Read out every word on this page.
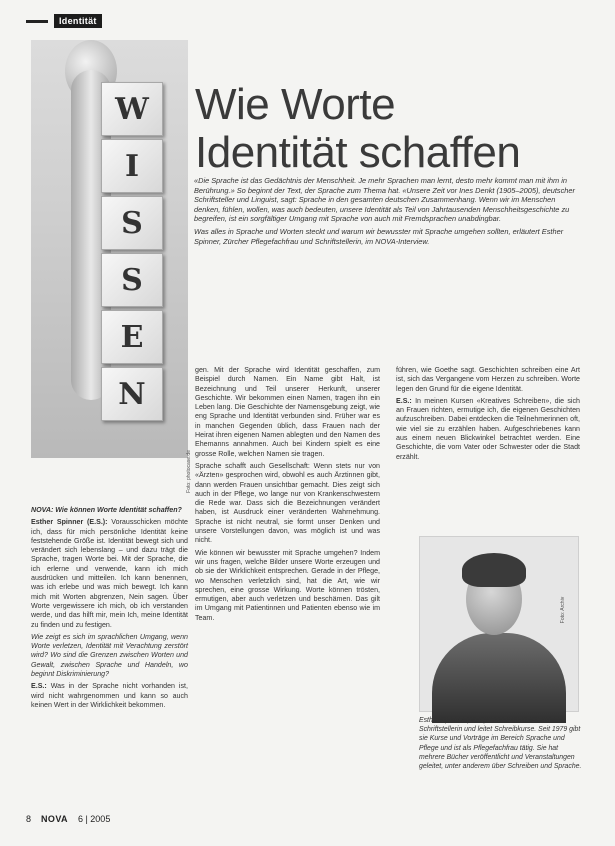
Identität
W
I
S
S
E
N
Foto: photocase.de
Wie Worte
Identität schaffen

«Die Sprache ist das Gedächtnis der Menschheit. Je mehr Sprachen man lernt, desto mehr kommt man mit ihm in Berührung.» So beginnt der Text, der Sprache zum Thema hat. «Unsere Zeit vor Ines Denkt (1905–2005), deutscher Schriftsteller und Linguist, sagt: Sprache in den gesamten deutschen Zusammenhang. Wenn wir im Menschen denken, fühlen, wollen, was auch bedeuten, unsere Identität als Teil von Jahrtausenden Menschheitsgeschichte zu begreifen, ist ein sorgfältiger Umgang mit Sprache von auch mit Fremdsprachen unabdingbar.

Was alles in Sprache und Worten steckt und warum wir bewusster mit Sprache umgehen sollten, erläutert Esther Spinner, Zürcher Pflegefachfrau und Schriftstellerin, im NOVA-Interview.

NOVA: Wie können Worte Identität schaffen?

Esther Spinner (E.S.): Vorausschicken möchte ich, dass für mich persönliche Identität keine feststehende Größe ist. Identität bewegt sich und verändert sich lebenslang – und dazu trägt die Sprache, tragen Worte bei. Mit der Sprache, die ich erlerne und verwende, kann ich mich ausdrücken und mitteilen. Ich kann benennen, was ich erlebe und was mich bewegt. Ich kann mich mit Worten abgrenzen, Nein sagen. Über Worte vergewissere ich mich, ob ich verstanden werde, und das hilft mir, mein Ich, meine Identität zu finden und zu festigen.

Wie zeigt es sich im sprachlichen Umgang, wenn Worte verletzen, Identität mit Verachtung zerstört wird? Wo sind die Grenzen zwischen Worten und Gewalt, zwischen Sprache und Handeln, wo beginnt Diskriminierung?

E.S.: Was in der Sprache nicht vorhanden ist, wird nicht wahrgenommen und kann so auch keinen Wert in der Wirklichkeit bekommen.

gen. Mit der Sprache wird Identität geschaffen, zum Beispiel durch Namen. Ein Name gibt Halt, ist Bezeichnung und Teil unserer Herkunft, unserer Geschichte. Wir bekommen einen Namen, tragen ihn ein Leben lang. Die Geschichte der Namensgebung zeigt, wie eng Sprache und Identität verbunden sind. Früher war es in manchen Gegenden üblich, dass Frauen nach der Heirat ihren eigenen Namen ablegten und den Namen des Ehemanns annahmen. Auch bei Kindern spielt es eine grosse Rolle, welchen Namen sie tragen.

Sprache schafft auch Gesellschaft: Wenn stets nur von «Ärzten» gesprochen wird, obwohl es auch Ärztinnen gibt, dann werden Frauen unsichtbar gemacht. Dies zeigt sich auch in der Pflege, wo lange nur von Krankenschwestern die Rede war. Dass sich die Bezeichnungen verändert haben, ist Ausdruck einer veränderten Wahrnehmung. Sprache ist nicht neutral, sie formt unser Denken und unsere Vorstellungen davon, was möglich ist und was nicht.

Wie können wir bewusster mit Sprache umgehen? Indem wir uns fragen, welche Bilder unsere Worte erzeugen und ob sie der Wirklichkeit entsprechen. Gerade in der Pflege, wo Menschen verletzlich sind, hat die Art, wie wir sprechen, eine grosse Wirkung. Worte können trösten, ermutigen, aber auch verletzen und beschämen. Das gilt im Umgang mit Patientinnen und Patienten ebenso wie im Team.

führen, wie Goethe sagt. Geschichten schreiben eine Art ist, sich das Vergangene vom Herzen zu schreiben. Worte legen den Grund für die eigene Identität.

E.S.: In meinen Kursen «Kreatives Schreiben», die sich an Frauen richten, ermutige ich, die eigenen Geschichten aufzuschreiben. Dabei entdecken die Teilnehmerinnen oft, wie viel sie zu erzählen haben. Aufgeschriebenes kann aus einem neuen Blickwinkel betrachtet werden. Eine Geschichte, die vom Vater oder Schwester oder die Stadt erzählt.

Foto: Archiv

Esther Spinner (1948) lebt in Zürich. Sie ist Schriftstellerin und leitet Schreibkurse. Seit 1979 gibt sie Kurse und Vorträge im Bereich Sprache und Pflege und ist als Pflegefachfrau tätig. Sie hat mehrere Bücher veröffentlicht und Veranstaltungen geleitet, unter anderem über Schreiben und Sprache.

8 NOVA 6 | 2005
